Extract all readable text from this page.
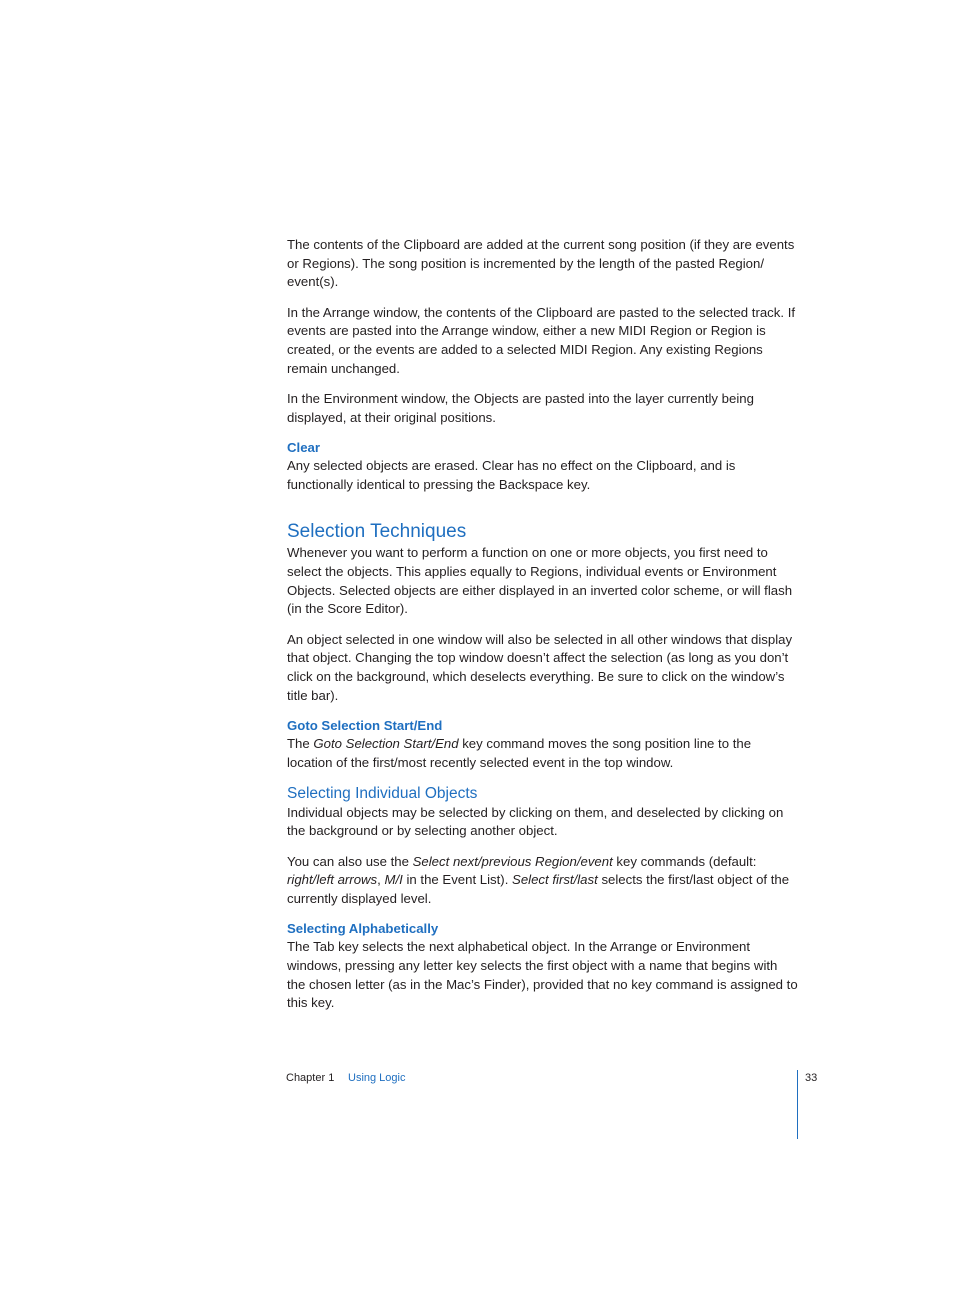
The contents of the Clipboard are added at the current song position (if they are events or Regions). The song position is incremented by the length of the pasted Region/ event(s).

In the Arrange window, the contents of the Clipboard are pasted to the selected track. If events are pasted into the Arrange window, either a new MIDI Region or Region is created, or the events are added to a selected MIDI Region. Any existing Regions remain unchanged.

In the Environment window, the Objects are pasted into the layer currently being displayed, at their original positions.

Clear

Any selected objects are erased. Clear has no effect on the Clipboard, and is functionally identical to pressing the Backspace key.

Selection Techniques

Whenever you want to perform a function on one or more objects, you first need to select the objects. This applies equally to Regions, individual events or Environment Objects. Selected objects are either displayed in an inverted color scheme, or will flash (in the Score Editor).

An object selected in one window will also be selected in all other windows that display that object. Changing the top window doesn’t affect the selection (as long as you don’t click on the background, which deselects everything. Be sure to click on the window’s title bar).

Goto Selection Start/End

The Goto Selection Start/End key command moves the song position line to the location of the first/most recently selected event in the top window.

Selecting Individual Objects

Individual objects may be selected by clicking on them, and deselected by clicking on the background or by selecting another object.

You can also use the Select next/previous Region/event key commands (default: right/left arrows, M/I in the Event List). Select first/last selects the first/last object of the currently displayed level.

Selecting Alphabetically

The Tab key selects the next alphabetical object. In the Arrange or Environment windows, pressing any letter key selects the first object with a name that begins with the chosen letter (as in the Mac’s Finder), provided that no key command is assigned to this key.

Chapter 1 Using Logic	33
